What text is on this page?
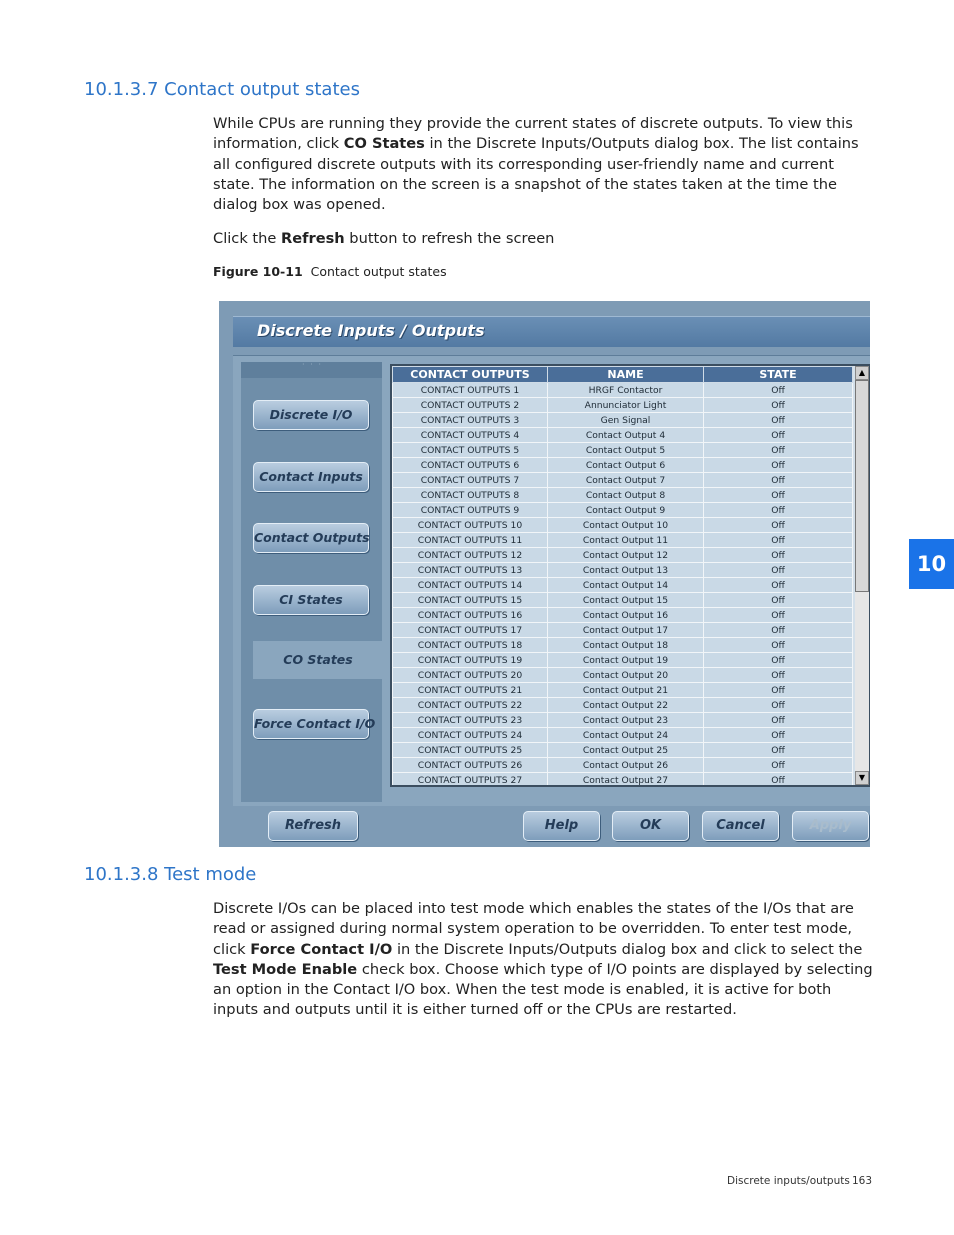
10.1.3.7 Contact output states
While CPUs are running they provide the current states of discrete outputs. To view this information, click CO States in the Discrete Inputs/Outputs dialog box. The list contains all configured discrete outputs with its corresponding user-friendly name and current state. The information on the screen is a snapshot of the states taken at the time the dialog box was opened.
Click the Refresh button to refresh the screen
Figure 10-11 Contact output states
Discrete Inputs / Outputs
˙ ˙ ˙
Discrete I/O
Contact Inputs
Contact Outputs
CI States
CO States
Force Contact I/O
CONTACT OUTPUTS	NAME	STATE
CONTACT OUTPUTS 1	HRGF Contactor	Off
CONTACT OUTPUTS 2	Annunciator Light	Off
CONTACT OUTPUTS 3	Gen Signal	Off
CONTACT OUTPUTS 4	Contact Output 4	Off
CONTACT OUTPUTS 5	Contact Output 5	Off
CONTACT OUTPUTS 6	Contact Output 6	Off
CONTACT OUTPUTS 7	Contact Output 7	Off
CONTACT OUTPUTS 8	Contact Output 8	Off
CONTACT OUTPUTS 9	Contact Output 9	Off
CONTACT OUTPUTS 10	Contact Output 10	Off
CONTACT OUTPUTS 11	Contact Output 11	Off
CONTACT OUTPUTS 12	Contact Output 12	Off
CONTACT OUTPUTS 13	Contact Output 13	Off
CONTACT OUTPUTS 14	Contact Output 14	Off
CONTACT OUTPUTS 15	Contact Output 15	Off
CONTACT OUTPUTS 16	Contact Output 16	Off
CONTACT OUTPUTS 17	Contact Output 17	Off
CONTACT OUTPUTS 18	Contact Output 18	Off
CONTACT OUTPUTS 19	Contact Output 19	Off
CONTACT OUTPUTS 20	Contact Output 20	Off
CONTACT OUTPUTS 21	Contact Output 21	Off
CONTACT OUTPUTS 22	Contact Output 22	Off
CONTACT OUTPUTS 23	Contact Output 23	Off
CONTACT OUTPUTS 24	Contact Output 24	Off
CONTACT OUTPUTS 25	Contact Output 25	Off
CONTACT OUTPUTS 26	Contact Output 26	Off
CONTACT OUTPUTS 27	Contact Output 27	Off
▲
▼
Refresh	Help	OK	Cancel	Apply
10
10.1.3.8 Test mode
Discrete I/Os can be placed into test mode which enables the states of the I/Os that are read or assigned during normal system operation to be overridden. To enter test mode, click Force Contact I/O in the Discrete Inputs/Outputs dialog box and click to select the Test Mode Enable check box. Choose which type of I/O points are displayed by selecting an option in the Contact I/O box. When the test mode is enabled, it is active for both inputs and outputs until it is either turned off or the CPUs are restarted.
Discrete inputs/outputs 163
